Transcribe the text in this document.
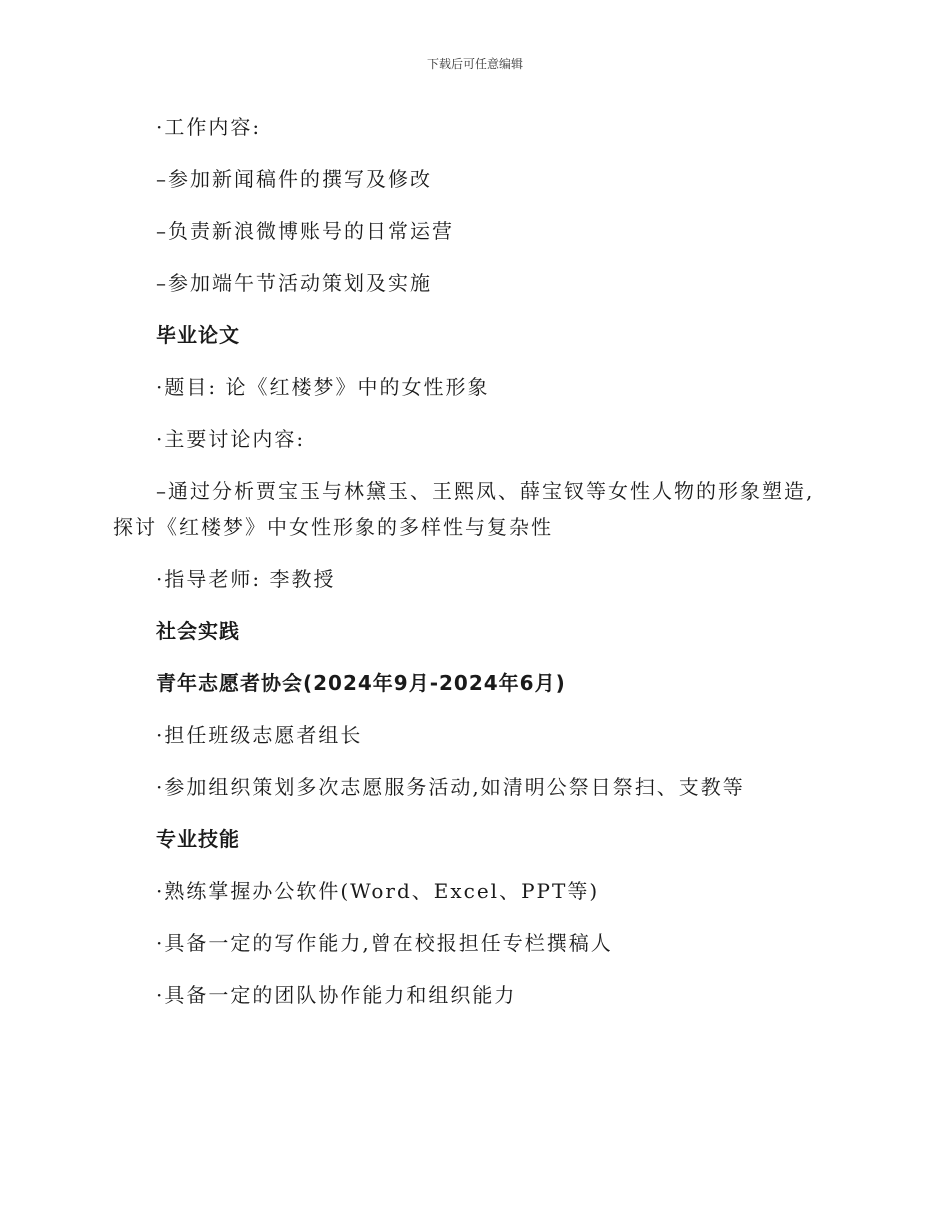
下载后可任意编辑
·工作内容:
–参加新闻稿件的撰写及修改
–负责新浪微博账号的日常运营
–参加端午节活动策划及实施
毕业论文
·题目: 论《红楼梦》中的女性形象
·主要讨论内容:
–通过分析贾宝玉与林黛玉、王熙凤、薛宝钗等女性人物的形象塑造,探讨《红楼梦》中女性形象的多样性与复杂性
·指导老师: 李教授
社会实践
青年志愿者协会(2024年9月-2024年6月)
·担任班级志愿者组长
·参加组织策划多次志愿服务活动,如清明公祭日祭扫、支教等
专业技能
·熟练掌握办公软件(Word、Excel、PPT等)
·具备一定的写作能力,曾在校报担任专栏撰稿人
·具备一定的团队协作能力和组织能力
